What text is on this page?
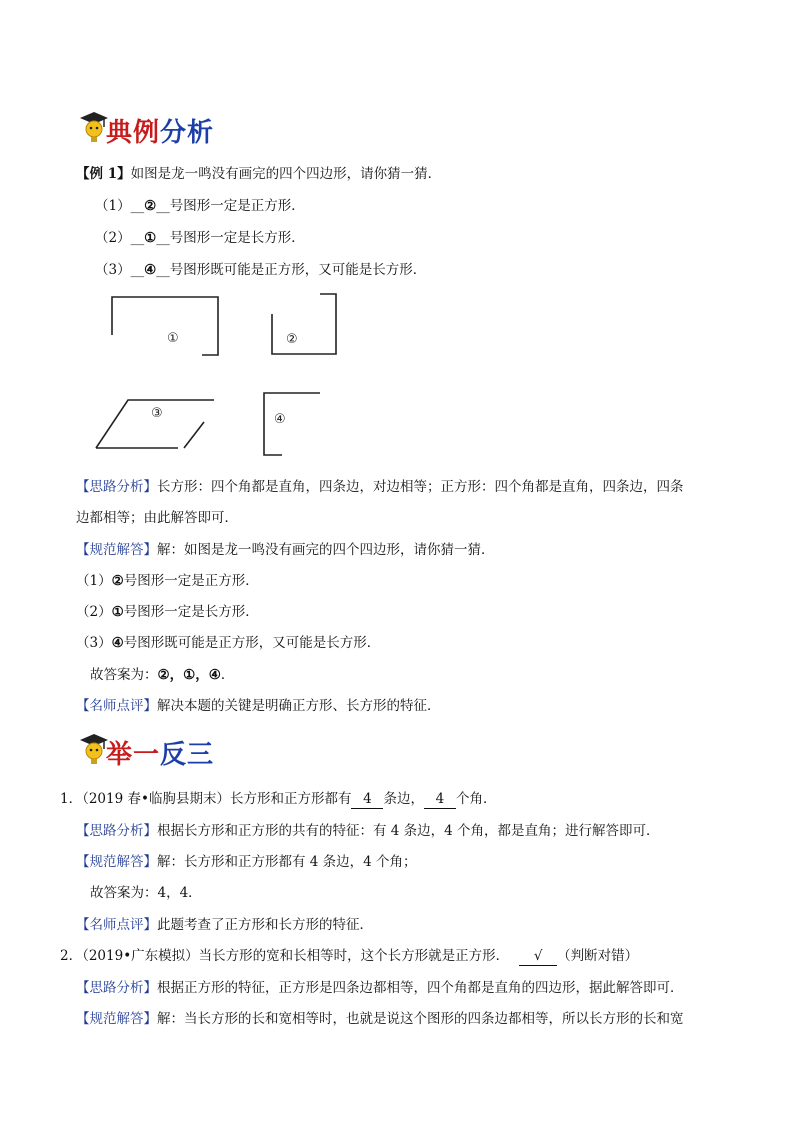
典例分析
【例 1】如图是龙一鸣没有画完的四个四边形，请你猜一猜．
（1）__②__号图形一定是正方形．
（2）__①__号图形一定是长方形．
（3）__④__号图形既可能是正方形，又可能是长方形．
①	②
③	④
【思路分析】长方形：四个角都是直角，四条边，对边相等；正方形：四个角都是直角，四条边，四条
边都相等；由此解答即可．
【规范解答】解：如图是龙一鸣没有画完的四个四边形，请你猜一猜．
（1）②号图形一定是正方形．
（2）①号图形一定是长方形．
（3）④号图形既可能是正方形，又可能是长方形．
故答案为：②，①，④．
【名师点评】解决本题的关键是明确正方形、长方形的特征．
举一反三
1．（2019 春•临朐县期末）长方形和正方形都有 4 条边， 4 个角．
【思路分析】根据长方形和正方形的共有的特征：有 4 条边，4 个角，都是直角；进行解答即可．
【规范解答】解：长方形和正方形都有 4 条边，4 个角；
故答案为：4，4．
【名师点评】此题考查了正方形和长方形的特征．
2．（2019•广东模拟）当长方形的宽和长相等时，这个长方形就是正方形． √ （判断对错）
【思路分析】根据正方形的特征，正方形是四条边都相等，四个角都是直角的四边形，据此解答即可．
【规范解答】解：当长方形的长和宽相等时，也就是说这个图形的四条边都相等，所以长方形的长和宽
